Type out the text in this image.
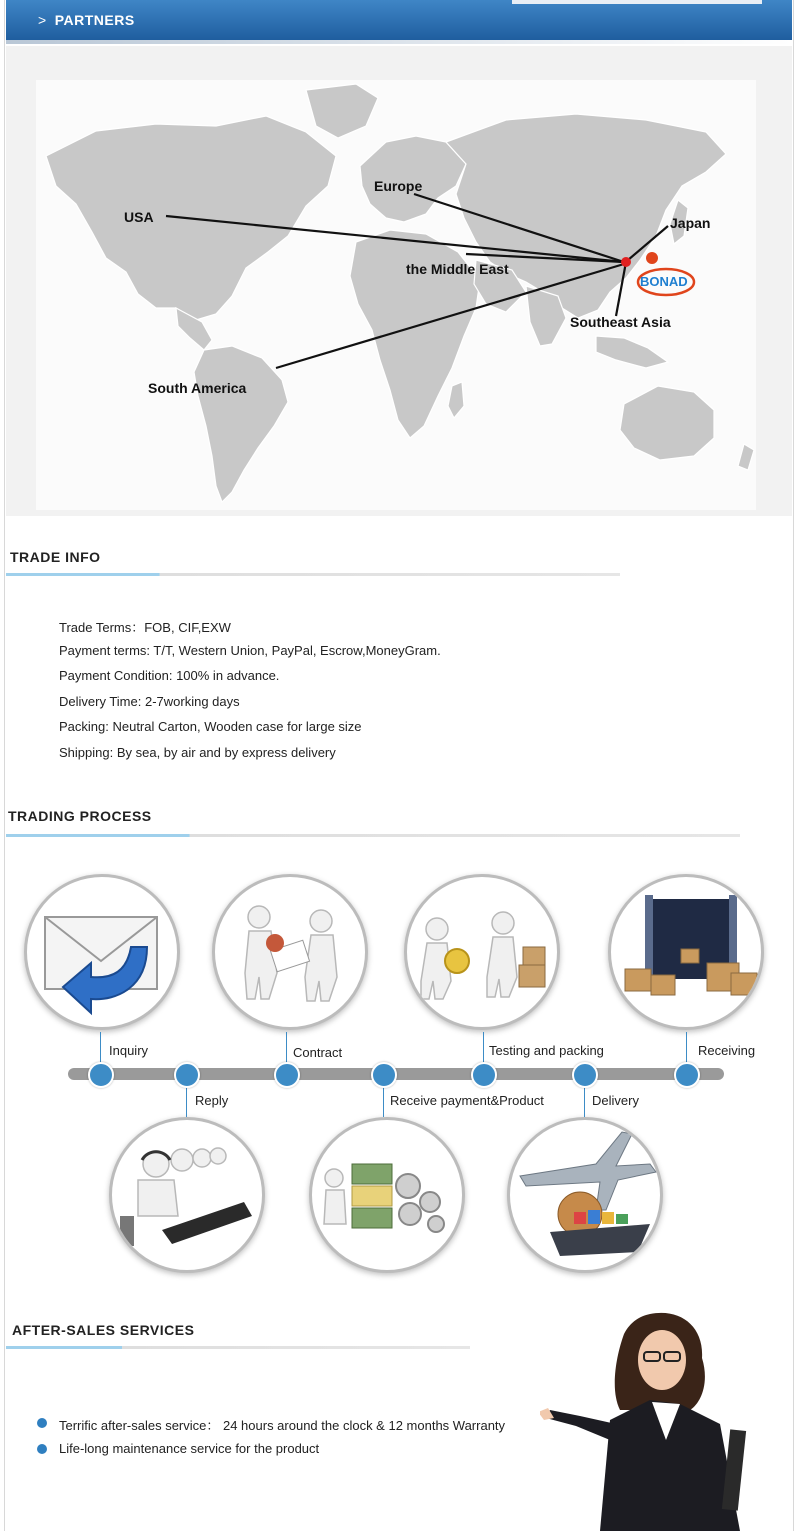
> PARTNERS
BONAD
USA
Europe
Japan
the Middle East
Southeast Asia
South America
TRADE INFO
Trade Terms：FOB, CIF,EXW
Payment terms: T/T, Western Union, PayPal, Escrow,MoneyGram.
Payment Condition: 100% in advance.
Delivery Time: 2-7working days
Packing: Neutral Carton, Wooden case for large size
Shipping: By sea, by air and by express delivery
TRADING PROCESS
Inquiry
Reply
Contract
Receive payment&Product
Testing and packing
Delivery
Receiving
AFTER-SALES SERVICES
Terrific after-sales service： 24 hours around the clock & 12 months Warranty
Life-long maintenance service for the product
